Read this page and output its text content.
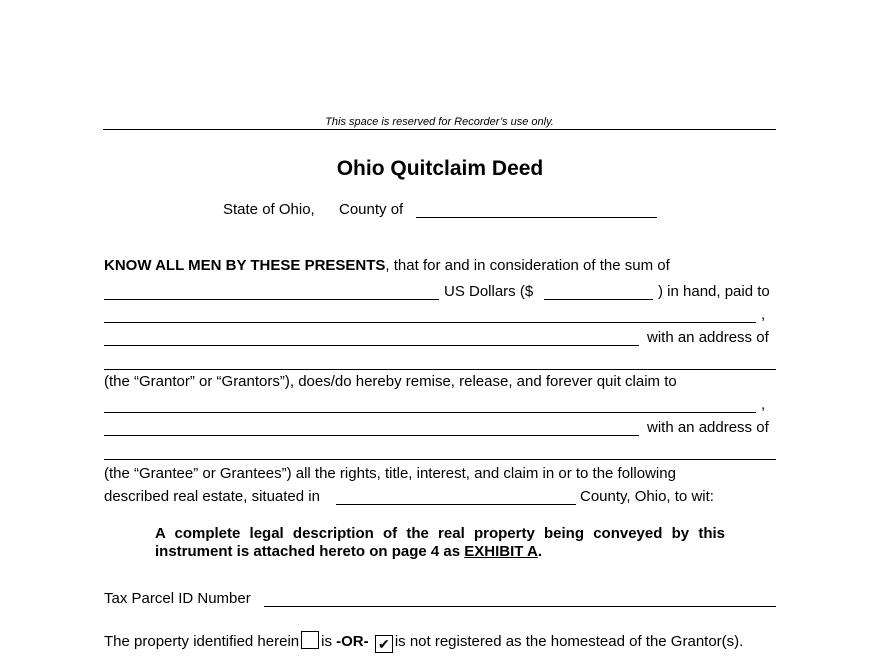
This space is reserved for Recorder’s use only.
Ohio Quitclaim Deed
State of Ohio, County of
KNOW ALL MEN BY THESE PRESENTS, that for and in consideration of the sum of
US Dollars ($	) in hand, paid to
,
with an address of
(the “Grantor” or “Grantors”), does/do hereby remise, release, and forever quit claim to
,
with an address of
(the “Grantee” or Grantees”) all the rights, title, interest, and claim in or to the following
described real estate, situated in	County, Ohio, to wit:
A complete legal description of the real property being conveyed by this instrument is attached hereto on page 4 as EXHIBIT A.
Tax Parcel ID Number
The property identified herein is -OR- ✔ is not registered as the homestead of the Grantor(s).
